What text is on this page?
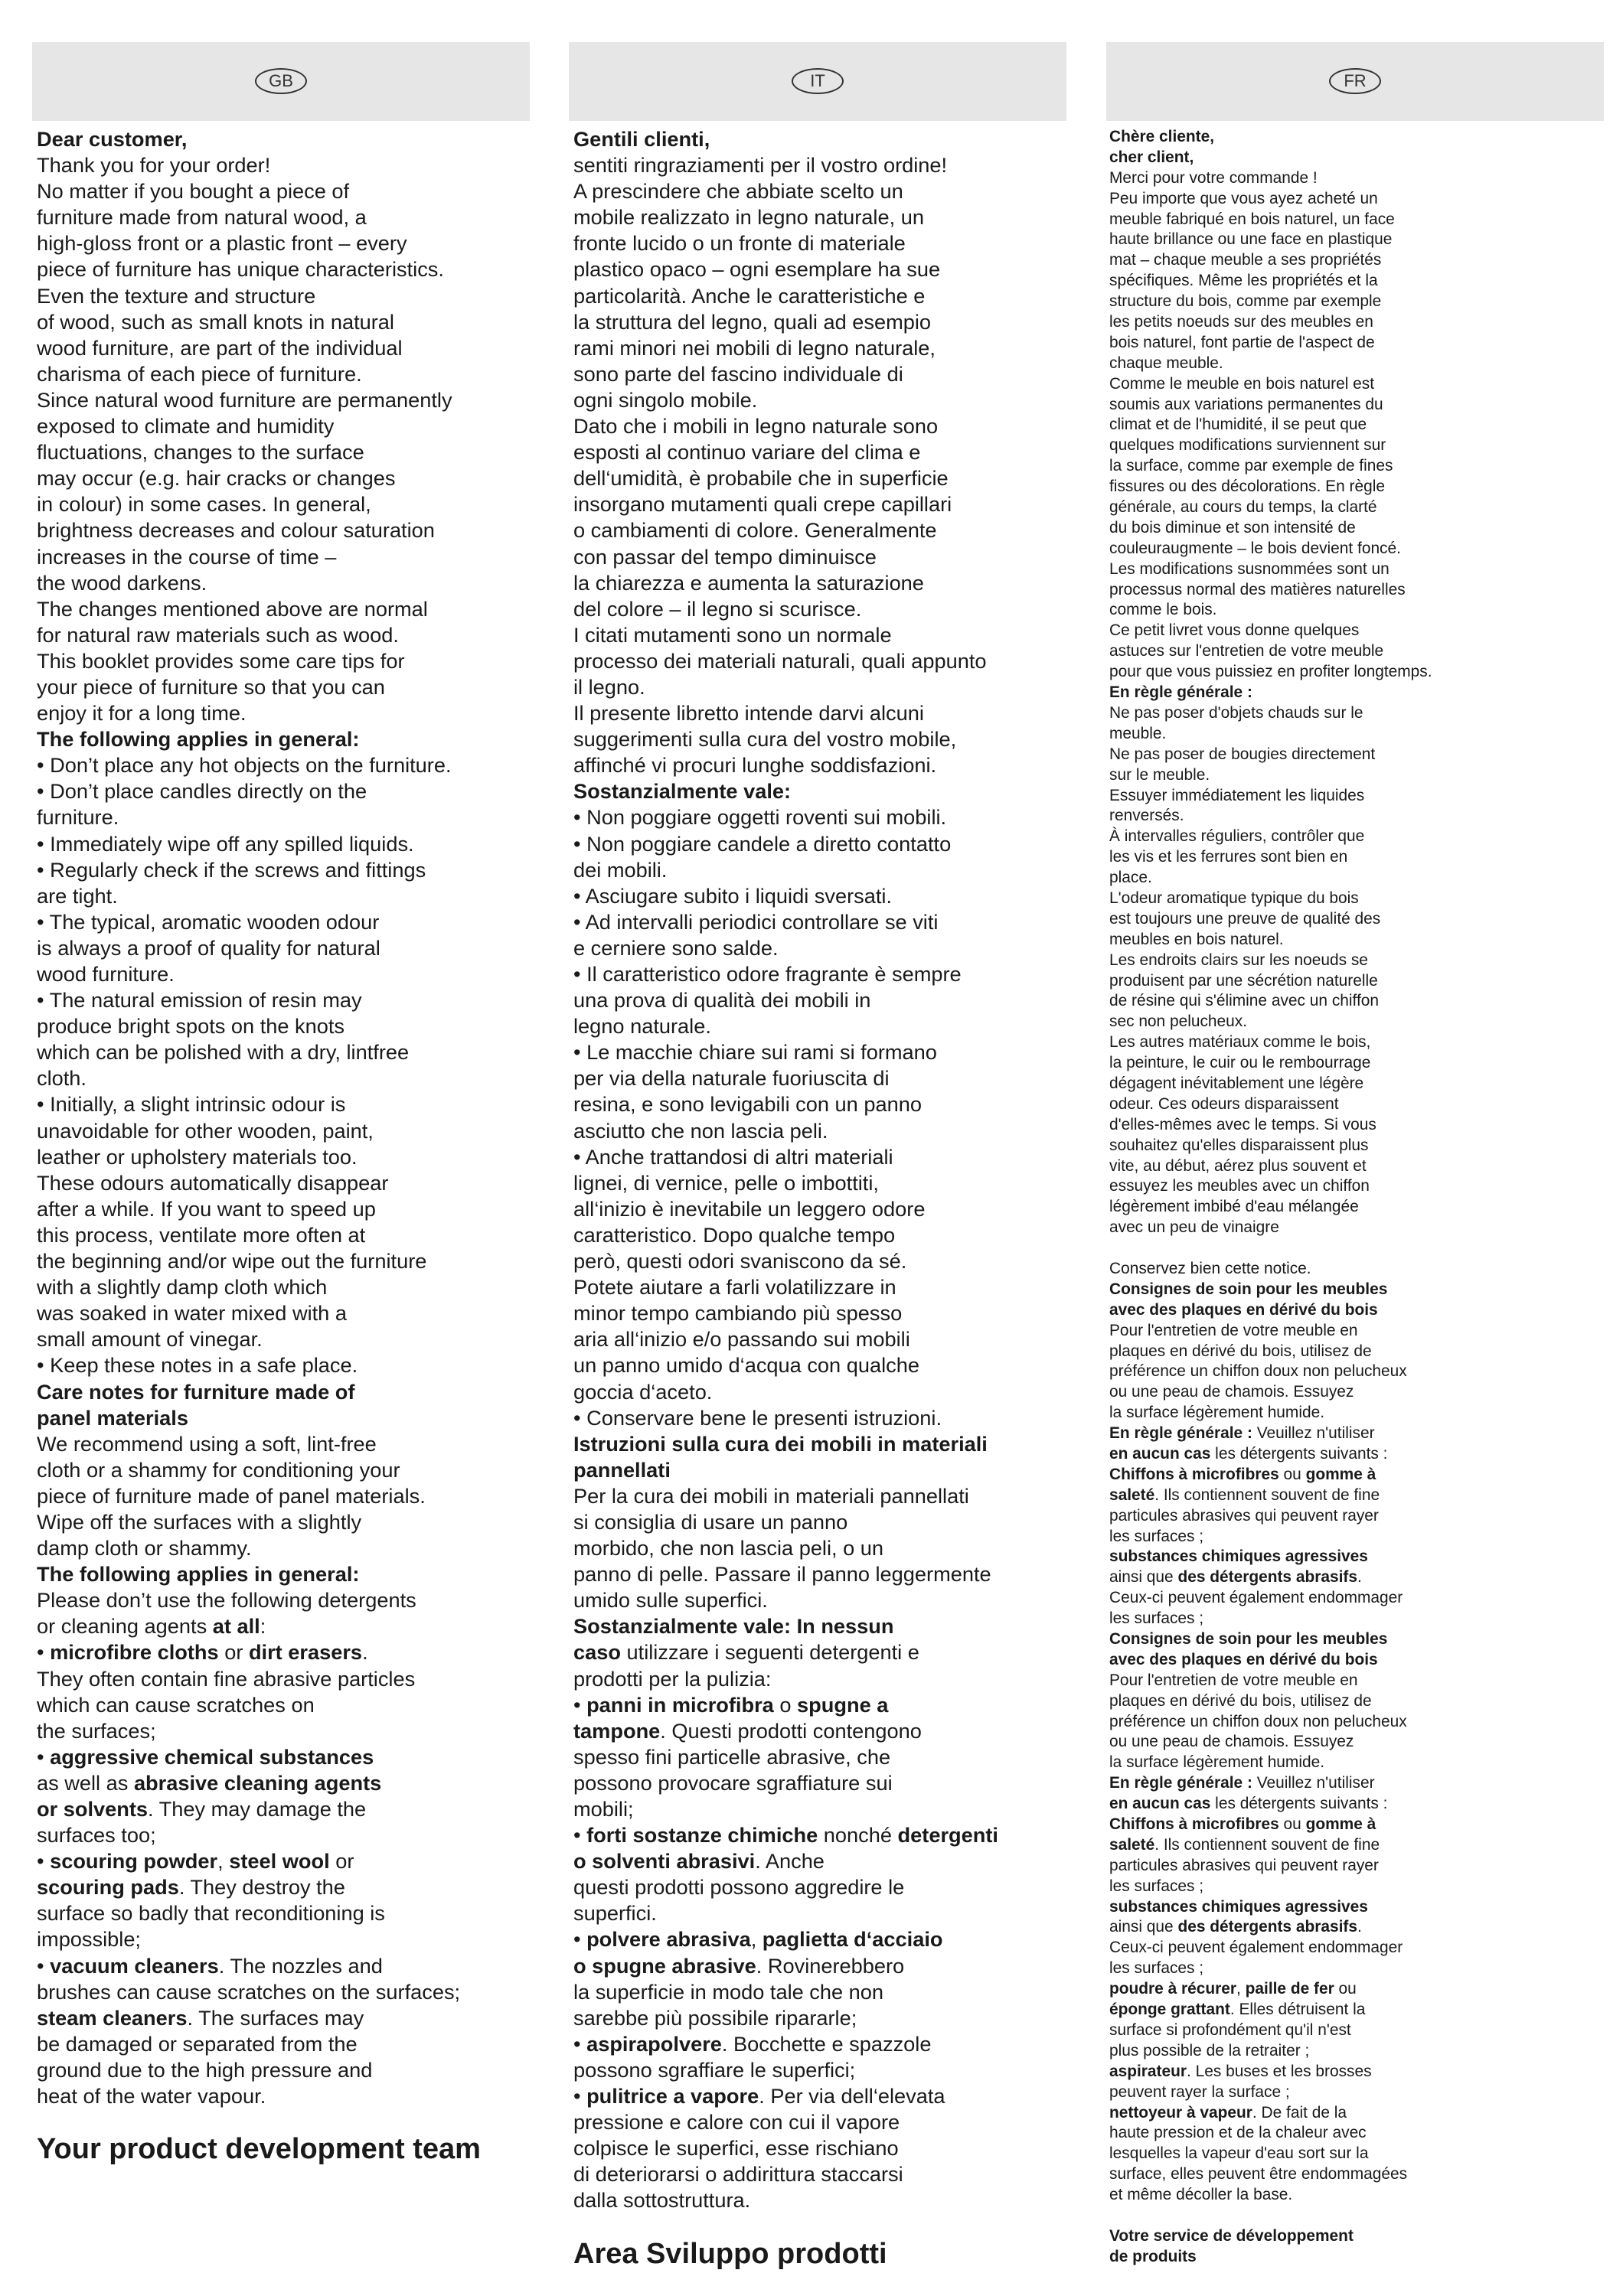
GB
Dear customer,
Thank you for your order!
No matter if you bought a piece of
furniture made from natural wood, a
high-gloss front or a plastic front – every
piece of furniture has unique characteristics.
Even the texture and structure
of wood, such as small knots in natural
wood furniture, are part of the individual
charisma of each piece of furniture.
Since natural wood furniture are permanently
exposed to climate and humidity
fluctuations, changes to the surface
may occur (e.g. hair cracks or changes
in colour) in some cases. In general,
brightness decreases and colour saturation
increases in the course of time –
the wood darkens.
The changes mentioned above are normal
for natural raw materials such as wood.
This booklet provides some care tips for
your piece of furniture so that you can
enjoy it for a long time.
The following applies in general:
• Don’t place any hot objects on the furniture.
• Don’t place candles directly on the
furniture.
• Immediately wipe off any spilled liquids.
• Regularly check if the screws and fittings
are tight.
• The typical, aromatic wooden odour
is always a proof of quality for natural
wood furniture.
• The natural emission of resin may
produce bright spots on the knots
which can be polished with a dry, lintfree
cloth.
• Initially, a slight intrinsic odour is
unavoidable for other wooden, paint,
leather or upholstery materials too.
These odours automatically disappear
after a while. If you want to speed up
this process, ventilate more often at
the beginning and/or wipe out the furniture
with a slightly damp cloth which
was soaked in water mixed with a
small amount of vinegar.
• Keep these notes in a safe place.
Care notes for furniture made of
panel materials
We recommend using a soft, lint-free
cloth or a shammy for conditioning your
piece of furniture made of panel materials.
Wipe off the surfaces with a slightly
damp cloth or shammy.
The following applies in general:
Please don’t use the following detergents
or cleaning agents at all:
• microfibre cloths or dirt erasers.
They often contain fine abrasive particles
which can cause scratches on
the surfaces;
• aggressive chemical substances
as well as abrasive cleaning agents
or solvents. They may damage the
surfaces too;
• scouring powder, steel wool or
scouring pads. They destroy the
surface so badly that reconditioning is
impossible;
• vacuum cleaners. The nozzles and
brushes can cause scratches on the surfaces;
steam cleaners. The surfaces may
be damaged or separated from the
ground due to the high pressure and
heat of the water vapour.
Your product development team
IT
Gentili clienti,
sentiti ringraziamenti per il vostro ordine!
A prescindere che abbiate scelto un
mobile realizzato in legno naturale, un
fronte lucido o un fronte di materiale
plastico opaco – ogni esemplare ha sue
particolarità. Anche le caratteristiche e
la struttura del legno, quali ad esempio
rami minori nei mobili di legno naturale,
sono parte del fascino individuale di
ogni singolo mobile.
Dato che i mobili in legno naturale sono
esposti al continuo variare del clima e
dell‘umidità, è probabile che in superficie
insorgano mutamenti quali crepe capillari
o cambiamenti di colore. Generalmente
con passar del tempo diminuisce
la chiarezza e aumenta la saturazione
del colore – il legno si scurisce.
I citati mutamenti sono un normale
processo dei materiali naturali, quali appunto
il legno.
Il presente libretto intende darvi alcuni
suggerimenti sulla cura del vostro mobile,
affinché vi procuri lunghe soddisfazioni.
Sostanzialmente vale:
• Non poggiare oggetti roventi sui mobili.
• Non poggiare candele a diretto contatto
dei mobili.
• Asciugare subito i liquidi sversati.
• Ad intervalli periodici controllare se viti
e cerniere sono salde.
• Il caratteristico odore fragrante è sempre
una prova di qualità dei mobili in
legno naturale.
• Le macchie chiare sui rami si formano
per via della naturale fuoriuscita di
resina, e sono levigabili con un panno
asciutto che non lascia peli.
• Anche trattandosi di altri materiali
lignei, di vernice, pelle o imbottiti,
all‘inizio è inevitabile un leggero odore
caratteristico. Dopo qualche tempo
però, questi odori svaniscono da sé.
Potete aiutare a farli volatilizzare in
minor tempo cambiando più spesso
aria all‘inizio e/o passando sui mobili
un panno umido d‘acqua con qualche
goccia d‘aceto.
• Conservare bene le presenti istruzioni.
Istruzioni sulla cura dei mobili in materiali
pannellati
Per la cura dei mobili in materiali pannellati
si consiglia di usare un panno
morbido, che non lascia peli, o un
panno di pelle. Passare il panno leggermente
umido sulle superfici.
Sostanzialmente vale: In nessun
caso utilizzare i seguenti detergenti e
prodotti per la pulizia:
• panni in microfibra o spugne a
tampone. Questi prodotti contengono
spesso fini particelle abrasive, che
possono provocare sgraffiature sui
mobili;
• forti sostanze chimiche nonché detergenti
o solventi abrasivi. Anche
questi prodotti possono aggredire le
superfici.
• polvere abrasiva, paglietta d‘acciaio
o spugne abrasive. Rovinerebbero
la superficie in modo tale che non
sarebbe più possibile ripararle;
• aspirapolvere. Bocchette e spazzole
possono sgraffiare le superfici;
• pulitrice a vapore. Per via dell‘elevata
pressione e calore con cui il vapore
colpisce le superfici, esse rischiano
di deteriorarsi o addirittura staccarsi
dalla sottostruttura.
Area Sviluppo prodotti
FR
Chère cliente,
cher client,
Merci pour votre commande !
Peu importe que vous ayez acheté un
meuble fabriqué en bois naturel, un face
haute brillance ou une face en plastique
mat – chaque meuble a ses propriétés
spécifiques. Même les propriétés et la
structure du bois, comme par exemple
les petits noeuds sur des meubles en
bois naturel, font partie de l'aspect de
chaque meuble.
Comme le meuble en bois naturel est
soumis aux variations permanentes du
climat et de l'humidité, il se peut que
quelques modifications surviennent sur
la surface, comme par exemple de fines
fissures ou des décolorations. En règle
générale, au cours du temps, la clarté
du bois diminue et son intensité de
couleuraugmente – le bois devient foncé.
Les modifications susnommées sont un
processus normal des matières naturelles
comme le bois.
Ce petit livret vous donne quelques
astuces sur l'entretien de votre meuble
pour que vous puissiez en profiter longtemps.
En règle générale :
Ne pas poser d'objets chauds sur le
meuble.
Ne pas poser de bougies directement
sur le meuble.
Essuyer immédiatement les liquides
renversés.
À intervalles réguliers, contrôler que
les vis et les ferrures sont bien en
place.
L'odeur aromatique typique du bois
est toujours une preuve de qualité des
meubles en bois naturel.
Les endroits clairs sur les noeuds se
produisent par une sécrétion naturelle
de résine qui s'élimine avec un chiffon
sec non pelucheux.
Les autres matériaux comme le bois,
la peinture, le cuir ou le rembourrage
dégagent inévitablement une légère
odeur. Ces odeurs disparaissent
d'elles-mêmes avec le temps. Si vous
souhaitez qu'elles disparaissent plus
vite, au début, aérez plus souvent et
essuyez les meubles avec un chiffon
légèrement imbibé d'eau mélangée
avec un peu de vinaigre

Conservez bien cette notice.
Consignes de soin pour les meubles
avec des plaques en dérivé du bois
Pour l'entretien de votre meuble en
plaques en dérivé du bois, utilisez de
préférence un chiffon doux non pelucheux
ou une peau de chamois. Essuyez
la surface légèrement humide.
En règle générale : Veuillez n'utiliser
en aucun cas les détergents suivants :
Chiffons à microfibres ou gomme à
saleté. Ils contiennent souvent de fine
particules abrasives qui peuvent rayer
les surfaces ;
substances chimiques agressives
ainsi que des détergents abrasifs.
Ceux-ci peuvent également endommager
les surfaces ;
Consignes de soin pour les meubles
avec des plaques en dérivé du bois
Pour l'entretien de votre meuble en
plaques en dérivé du bois, utilisez de
préférence un chiffon doux non pelucheux
ou une peau de chamois. Essuyez
la surface légèrement humide.
En règle générale : Veuillez n'utiliser
en aucun cas les détergents suivants :
Chiffons à microfibres ou gomme à
saleté. Ils contiennent souvent de fine
particules abrasives qui peuvent rayer
les surfaces ;
substances chimiques agressives
ainsi que des détergents abrasifs.
Ceux-ci peuvent également endommager
les surfaces ;
poudre à récurer, paille de fer ou
éponge grattant. Elles détruisent la
surface si profondément qu'il n'est
plus possible de la retraiter ;
aspirateur. Les buses et les brosses
peuvent rayer la surface ;
nettoyeur à vapeur. De fait de la
haute pression et de la chaleur avec
lesquelles la vapeur d'eau sort sur la
surface, elles peuvent être endommagées
et même décoller la base.

Votre service de développement
de produits
